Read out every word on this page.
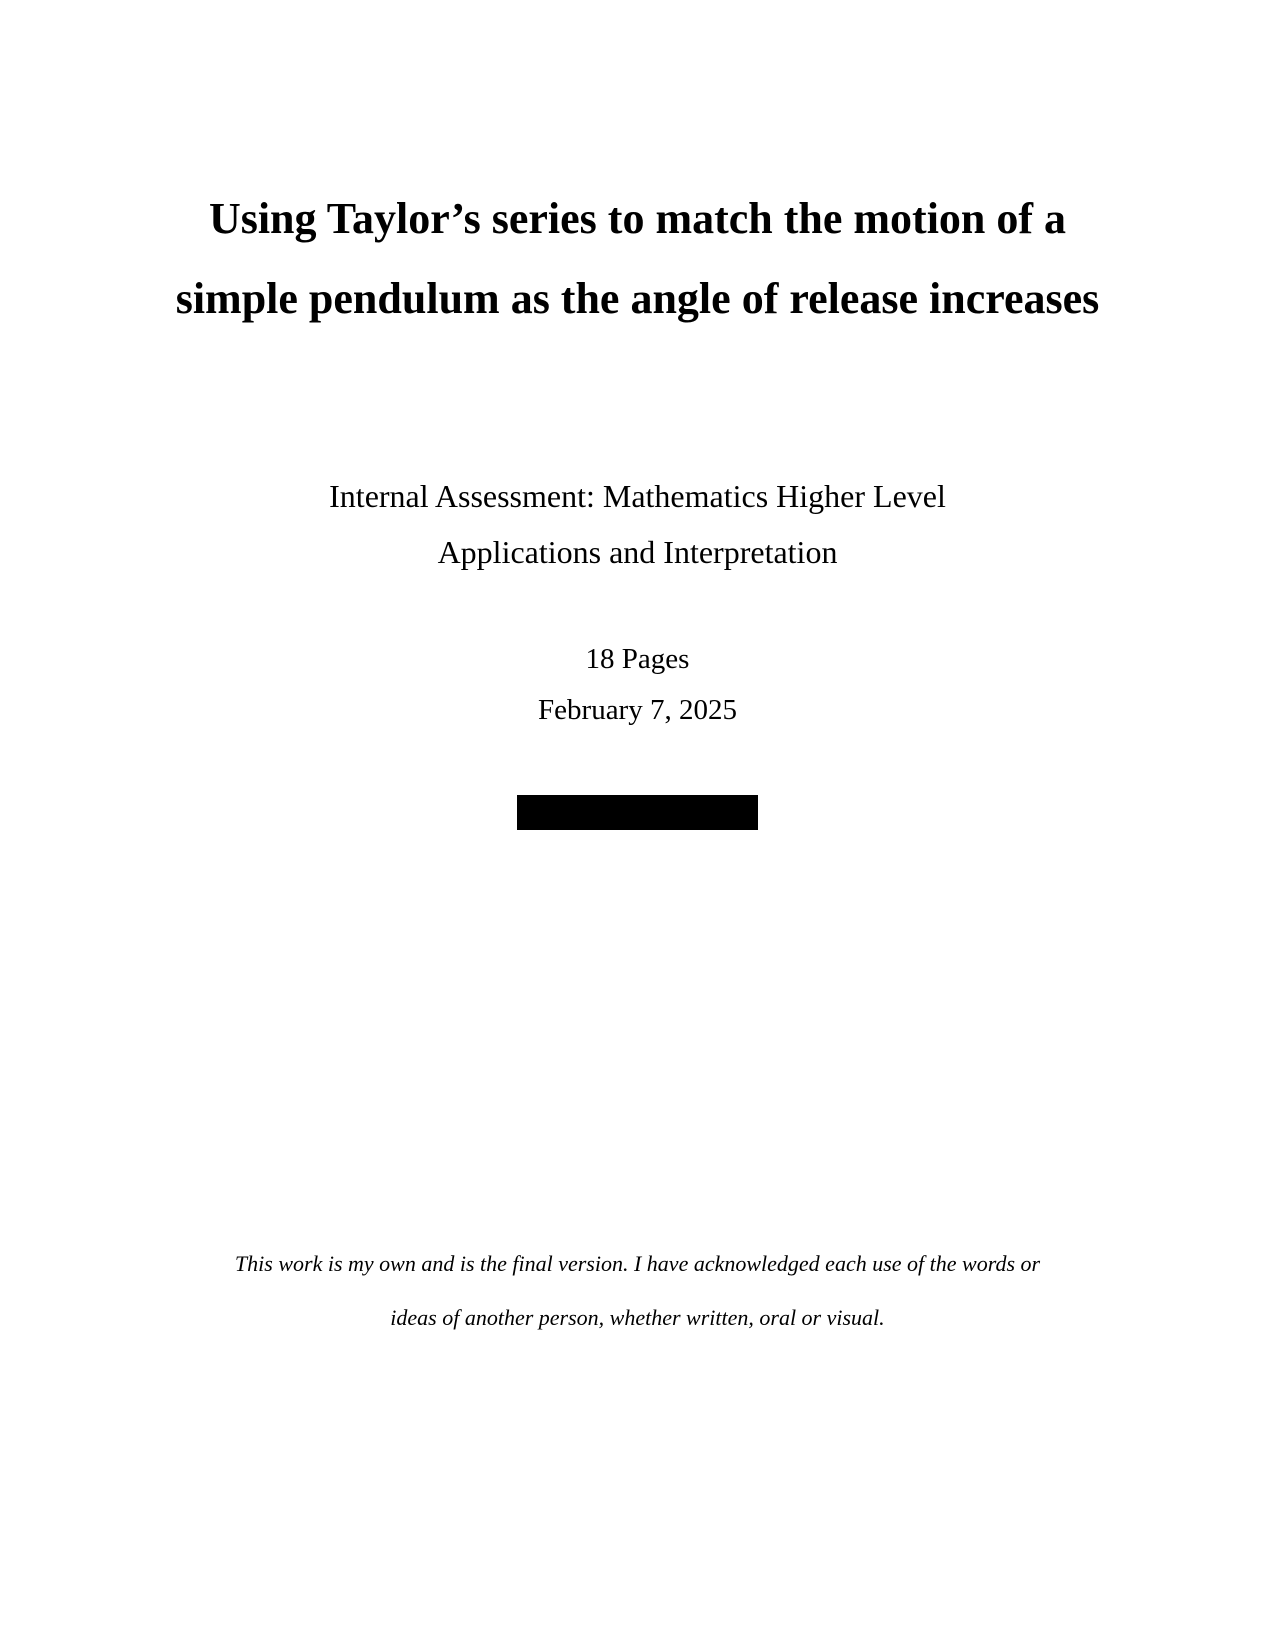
Using Taylor’s series to match the motion of a
simple pendulum as the angle of release increases
Internal Assessment: Mathematics Higher Level
Applications and Interpretation
18 Pages
February 7, 2025
This work is my own and is the final version. I have acknowledged each use of the words or
ideas of another person, whether written, oral or visual.
